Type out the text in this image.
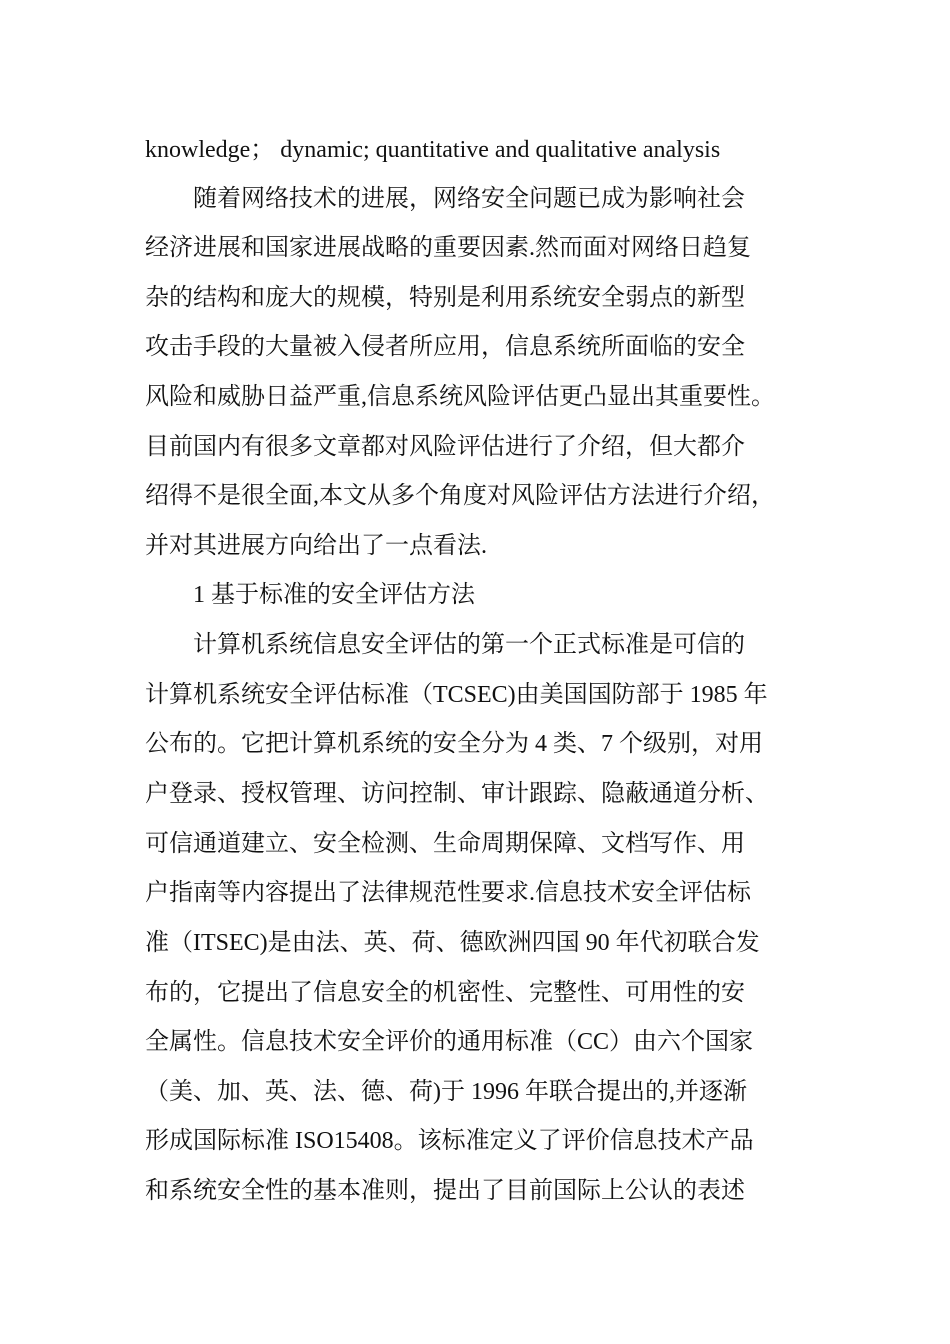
knowledge； dynamic; quantitative and qualitative analysis
随着网络技术的进展，网络安全问题已成为影响社会
经济进展和国家进展战略的重要因素.然而面对网络日趋复
杂的结构和庞大的规模，特别是利用系统安全弱点的新型
攻击手段的大量被入侵者所应用，信息系统所面临的安全
风险和威胁日益严重,信息系统风险评估更凸显出其重要性。
目前国内有很多文章都对风险评估进行了介绍，但大都介
绍得不是很全面,本文从多个角度对风险评估方法进行介绍，
并对其进展方向给出了一点看法.
1 基于标准的安全评估方法
计算机系统信息安全评估的第一个正式标准是可信的
计算机系统安全评估标准（TCSEC)由美国国防部于 1985 年
公布的。它把计算机系统的安全分为 4 类、7 个级别，对用
户登录、授权管理、访问控制、审计跟踪、隐蔽通道分析、
可信通道建立、安全检测、生命周期保障、文档写作、用
户指南等内容提出了法律规范性要求.信息技术安全评估标
准（ITSEC)是由法、英、荷、德欧洲四国 90 年代初联合发
布的，它提出了信息安全的机密性、完整性、可用性的安
全属性。信息技术安全评价的通用标准（CC）由六个国家
（美、加、英、法、德、荷)于 1996 年联合提出的,并逐渐
形成国际标准 ISO15408。该标准定义了评价信息技术产品
和系统安全性的基本准则，提出了目前国际上公认的表述
